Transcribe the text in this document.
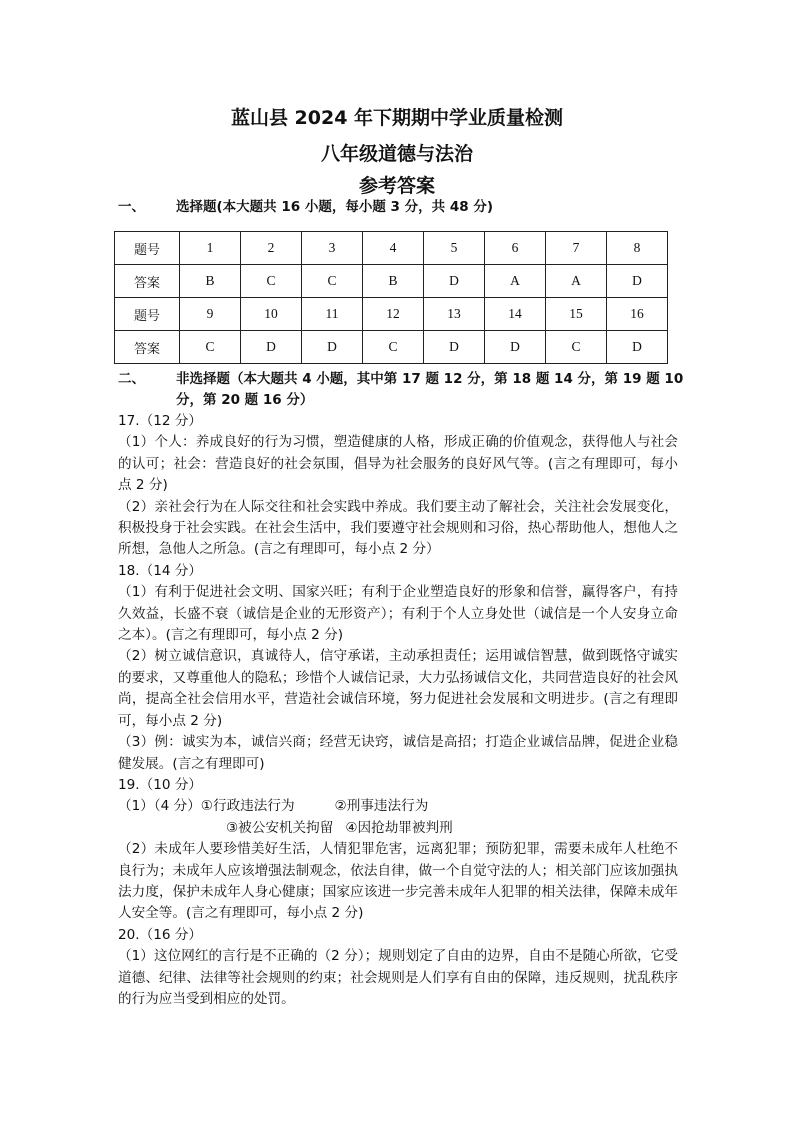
蓝山县 2024 年下期期中学业质量检测
八年级道德与法治
参考答案
一、 选择题(本大题共 16 小题，每小题 3 分，共 48 分)
题号	1	2	3	4	5	6	7	8
答案	B	C	C	B	D	A	A	D
题号	9	10	11	12	13	14	15	16
答案	C	D	D	C	D	D	C	D
二、 非选择题（本大题共 4 小题，其中第 17 题 12 分，第 18 题 14 分，第 19 题 10
分，第 20 题 16 分）

17.（12 分）

（1）个人：养成良好的行为习惯，塑造健康的人格，形成正确的价值观念，获得他人与社会的认可；社会：营造良好的社会氛围，倡导为社会服务的良好风气等。(言之有理即可，每小点 2 分)

（2）亲社会行为在人际交往和社会实践中养成。我们要主动了解社会，关注社会发展变化，积极投身于社会实践。在社会生活中，我们要遵守社会规则和习俗，热心帮助他人，想他人之所想，急他人之所急。(言之有理即可，每小点 2 分）

18.（14 分）

（1）有利于促进社会文明、国家兴旺；有利于企业塑造良好的形象和信誉，赢得客户，有持久效益，长盛不衰（诚信是企业的无形资产）；有利于个人立身处世（诚信是一个人安身立命之本）。(言之有理即可，每小点 2 分)

（2）树立诚信意识，真诚待人，信守承诺，主动承担责任；运用诚信智慧，做到既恪守诚实的要求，又尊重他人的隐私；珍惜个人诚信记录，大力弘扬诚信文化，共同营造良好的社会风尚，提高全社会信用水平，营造社会诚信环境，努力促进社会发展和文明进步。(言之有理即可，每小点 2 分)

（3）例：诚实为本，诚信兴商；经营无诀窍，诚信是高招；打造企业诚信品牌，促进企业稳健发展。(言之有理即可)

19.（10 分）

（1）（4 分）①行政违法行为	②刑事违法行为

③被公安机关拘留 ④因抢劫罪被判刑

（2）未成年人要珍惜美好生活，人情犯罪危害，远离犯罪；预防犯罪，需要未成年人杜绝不良行为；未成年人应该增强法制观念，依法自律，做一个自觉守法的人；相关部门应该加强执法力度，保护未成年人身心健康；国家应该进一步完善未成年人犯罪的相关法律，保障未成年人安全等。(言之有理即可，每小点 2 分)

20.（16 分）

（1）这位网红的言行是不正确的（2 分）；规则划定了自由的边界，自由不是随心所欲，它受道德、纪律、法律等社会规则的约束；社会规则是人们享有自由的保障，违反规则，扰乱秩序的行为应当受到相应的处罚。
